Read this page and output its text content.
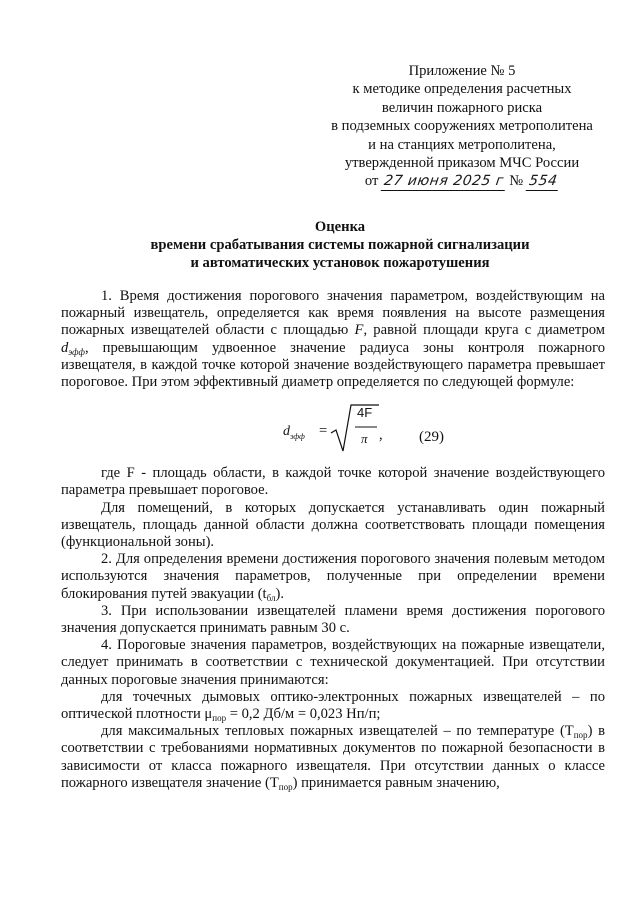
Приложение № 5
к методике определения расчетных
величин пожарного риска
в подземных сооружениях метрополитена
и на станциях метрополитена,
утвержденной приказом МЧС России
от 27 июня 2025 г № 554
Оценка
времени срабатывания системы пожарной сигнализации
и автоматических установок пожаротушения

1. Время достижения порогового значения параметром, воздействующим на пожарный извещатель, определяется как время появления на высоте размещения пожарных извещателей области с площадью F, равной площади круга с диаметром $d_{эфф}$, превышающим удвоенное значение радиуса зоны контроля пожарного извещателя, в каждой точке которой значение воздействующего параметра превышает пороговое. При этом эффективный диаметр определяется по следующей формуле:

$d_{эфф}$ =
4F
π , (29)

где F - площадь области, в каждой точке которой значение воздействующего параметра превышает пороговое.

Для помещений, в которых допускается устанавливать один пожарный извещатель, площадь данной области должна соответствовать площади помещения (функциональной зоны).

2. Для определения времени достижения порогового значения полевым методом используются значения параметров, полученные при определении времени блокирования путей эвакуации $(t_{бл})$.

3. При использовании извещателей пламени время достижения порогового значения допускается принимать равным 30 с.

4. Пороговые значения параметров, воздействующих на пожарные извещатели, следует принимать в соответствии с технической документацией. При отсутствии данных пороговые значения принимаются:

для точечных дымовых оптико-электронных пожарных извещателей – по оптической плотности $\mu_{пор} = 0,2$ Дб/м = 0,023 Нп/п;

для максимальных тепловых пожарных извещателей – по температуре $(Т_{пор})$ в соответствии с требованиями нормативных документов по пожарной безопасности в зависимости от класса пожарного извещателя. При отсутствии данных о классе пожарного извещателя значение $(Т_{пор})$ принимается равным значению,
